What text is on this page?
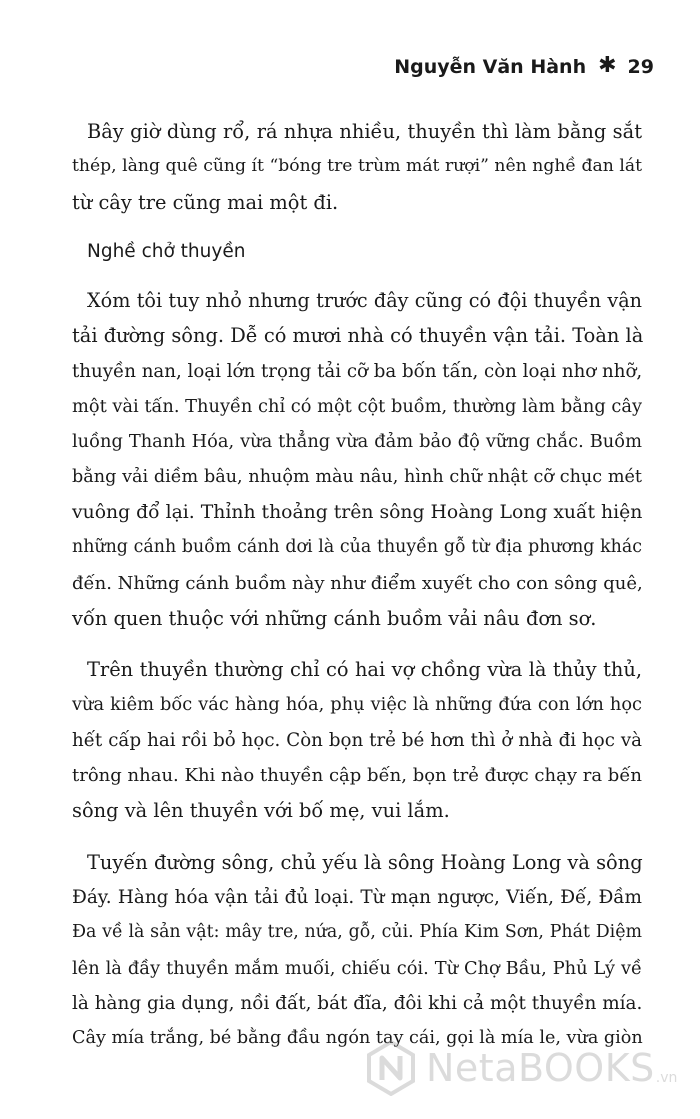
Nguyễn Văn Hành ✱ 29

Bây giờ dùng rổ, rá nhựa nhiều, thuyền thì làm bằng sắt
thép, làng quê cũng ít “bóng tre trùm mát rượi” nên nghề đan lát
từ cây tre cũng mai một đi.

Nghề chở thuyền

Xóm tôi tuy nhỏ nhưng trước đây cũng có đội thuyền vận
tải đường sông. Dễ có mươi nhà có thuyền vận tải. Toàn là
thuyền nan, loại lớn trọng tải cỡ ba bốn tấn, còn loại nhơ nhỡ,
một vài tấn. Thuyền chỉ có một cột buồm, thường làm bằng cây
luồng Thanh Hóa, vừa thẳng vừa đảm bảo độ vững chắc. Buồm
bằng vải diềm bâu, nhuộm màu nâu, hình chữ nhật cỡ chục mét
vuông đổ lại. Thỉnh thoảng trên sông Hoàng Long xuất hiện
những cánh buồm cánh dơi là của thuyền gỗ từ địa phương khác
đến. Những cánh buồm này như điểm xuyết cho con sông quê,
vốn quen thuộc với những cánh buồm vải nâu đơn sơ.

Trên thuyền thường chỉ có hai vợ chồng vừa là thủy thủ,
vừa kiêm bốc vác hàng hóa, phụ việc là những đứa con lớn học
hết cấp hai rồi bỏ học. Còn bọn trẻ bé hơn thì ở nhà đi học và
trông nhau. Khi nào thuyền cập bến, bọn trẻ được chạy ra bến
sông và lên thuyền với bố mẹ, vui lắm.

Tuyến đường sông, chủ yếu là sông Hoàng Long và sông
Đáy. Hàng hóa vận tải đủ loại. Từ mạn ngược, Viến, Đế, Đầm
Đa về là sản vật: mây tre, nứa, gỗ, củi. Phía Kim Sơn, Phát Diệm
lên là đầy thuyền mắm muối, chiếu cói. Từ Chợ Bầu, Phủ Lý về
là hàng gia dụng, nồi đất, bát đĩa, đôi khi cả một thuyền mía.
Cây mía trắng, bé bằng đầu ngón tay cái, gọi là mía le, vừa giòn

NetaBOOKS .vn
